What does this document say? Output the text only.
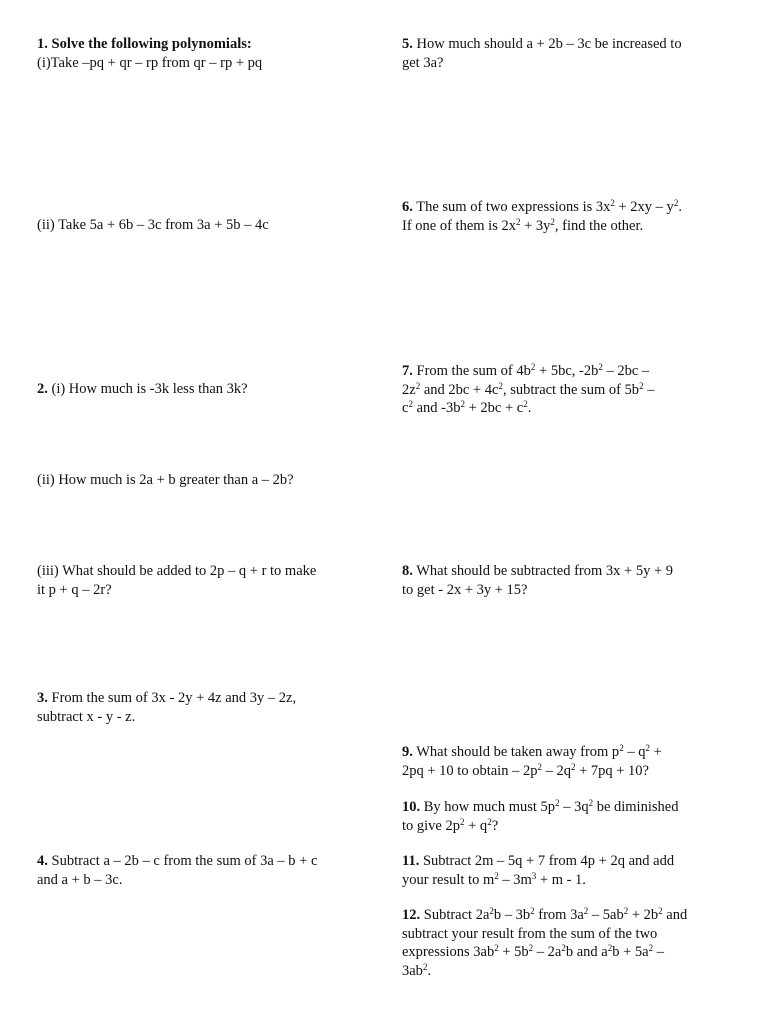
1. Solve the following polynomials:
(i)Take –pq + qr – rp from qr – rp + pq
(ii) Take 5a + 6b – 3c from 3a + 5b – 4c
2. (i) How much is -3k less than 3k?
(ii) How much is 2a + b greater than a – 2b?
(iii) What should be added to 2p – q + r to make
it p + q – 2r?
3. From the sum of 3x - 2y + 4z and 3y – 2z,
subtract x - y - z.
4. Subtract a – 2b – c from the sum of 3a – b + c
and a + b – 3c.
5. How much should a + 2b – 3c be increased to
get 3a?
6. The sum of two expressions is $3x^2 + 2xy - y^2$.
If one of them is $2x^2 + 3y^2$, find the other.
7. From the sum of $4b^2 + 5bc$, $-2b^2 - 2bc$ –
$2z^2$ and $2bc + 4c^2$, subtract the sum of $5b^2$ –
$c^2$ and $-3b^2 + 2bc + c^2$.
8. What should be subtracted from 3x + 5y + 9
to get - 2x + 3y + 15?
9. What should be taken away from $p^2 - q^2$ +
2pq + 10 to obtain – $2p^2 - 2q^2 + 7pq + 10$?
10. By how much must $5p^2 - 3q^2$ be diminished
to give $2p^2 + q^2$?
11. Subtract 2m – 5q + 7 from 4p + 2q and add
your result to $m^2 - 3m^3 + m - 1$.
12. Subtract $2a^2b - 3b^2$ from $3a^2 - 5ab^2 + 2b^2$ and
subtract your result from the sum of the two
expressions $3ab^2 + 5b^2 - 2a^2b$ and $a^2b + 5a^2$ –
$3ab^2$.
